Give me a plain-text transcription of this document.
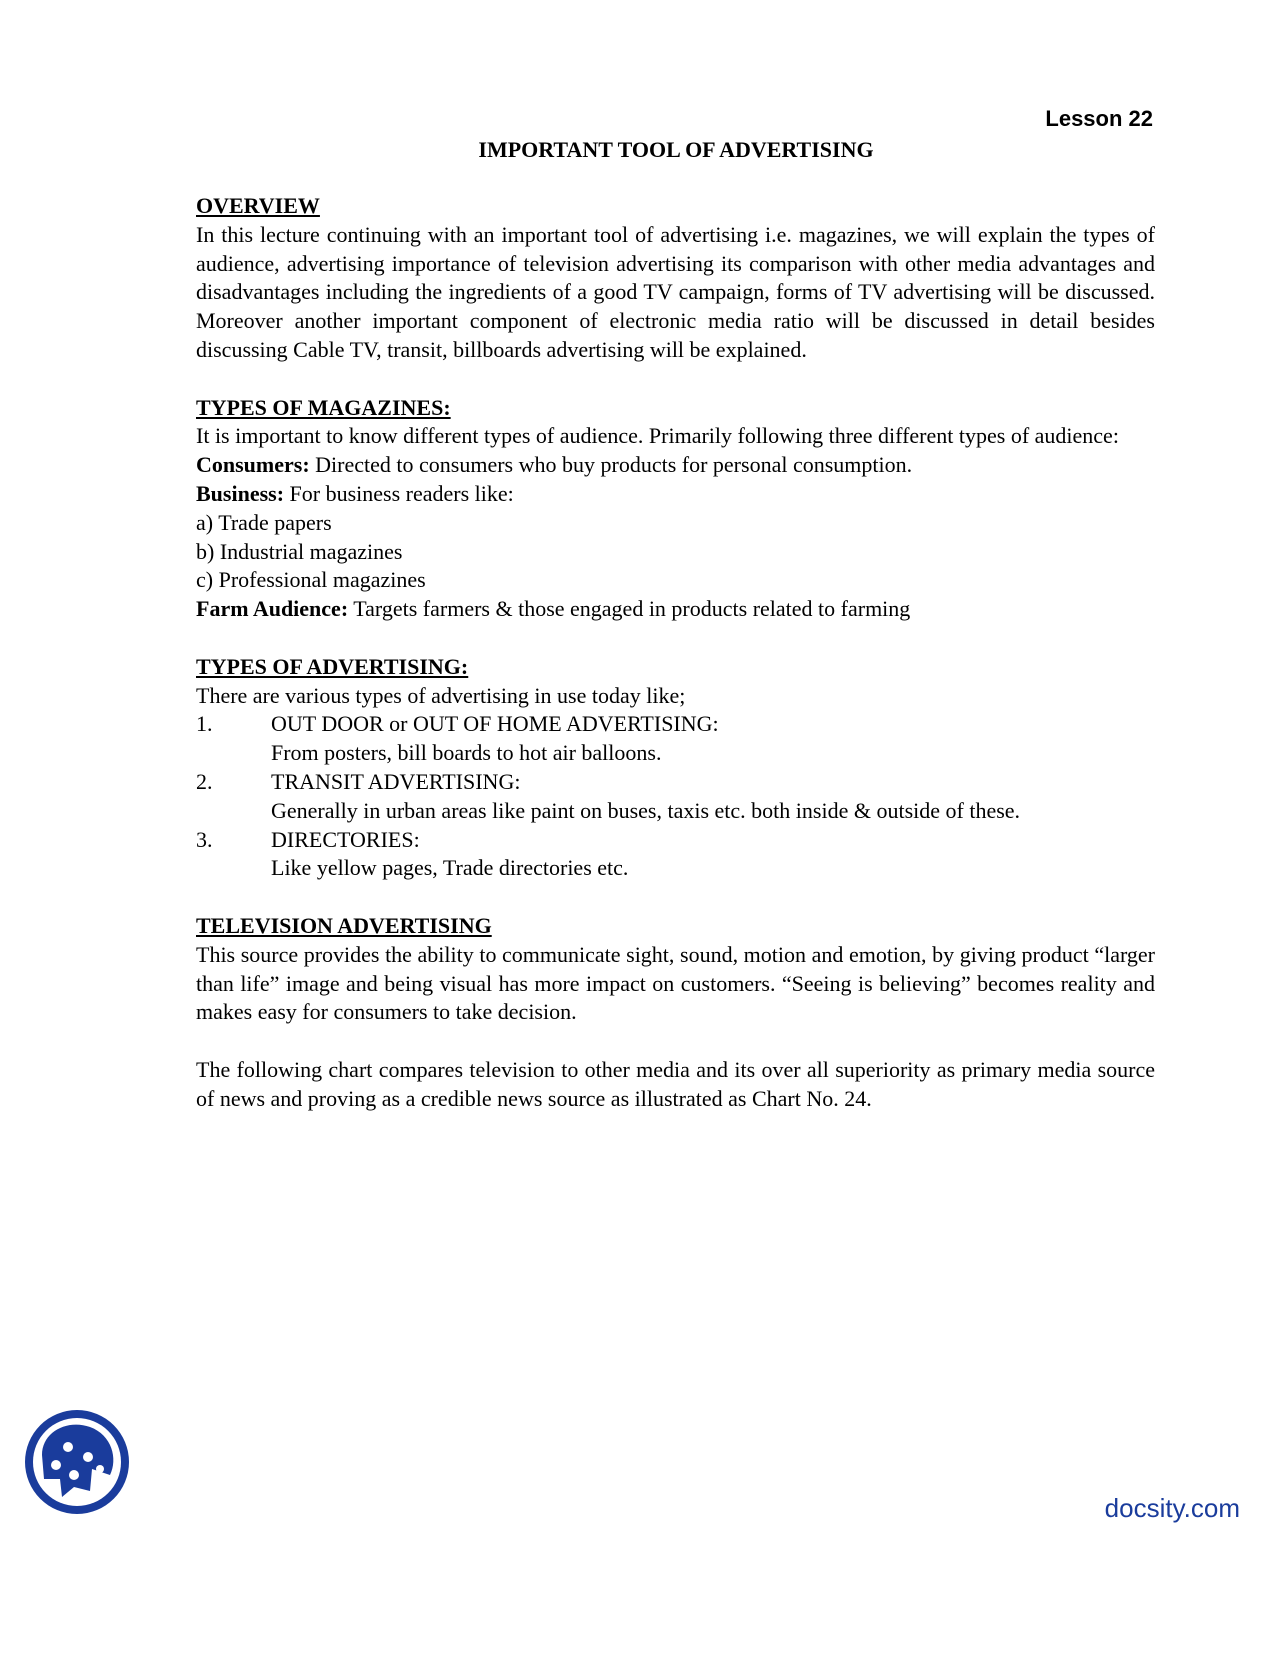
Lesson 22
IMPORTANT TOOL OF ADVERTISING
OVERVIEW

In this lecture continuing with an important tool of advertising i.e. magazines, we will explain the types of audience, advertising importance of television advertising its comparison with other media advantages and disadvantages including the ingredients of a good TV campaign, forms of TV advertising will be discussed. Moreover another important component of electronic media ratio will be discussed in detail besides discussing Cable TV, transit, billboards advertising will be explained.

TYPES OF MAGAZINES:

It is important to know different types of audience. Primarily following three different types of audience:

Consumers: Directed to consumers who buy products for personal consumption.
Business: For business readers like:
a) Trade papers
b) Industrial magazines
c) Professional magazines
Farm Audience: Targets farmers & those engaged in products related to farming
TYPES OF ADVERTISING:
There are various types of advertising in use today like;
1.	OUT DOOR or OUT OF HOME ADVERTISING:
From posters, bill boards to hot air balloons.
2.	TRANSIT ADVERTISING:
Generally in urban areas like paint on buses, taxis etc. both inside & outside of these.
3.	DIRECTORIES:
Like yellow pages, Trade directories etc.
TELEVISION ADVERTISING

This source provides the ability to communicate sight, sound, motion and emotion, by giving product “larger than life” image and being visual has more impact on customers. “Seeing is believing” becomes reality and makes easy for consumers to take decision.

The following chart compares television to other media and its over all superiority as primary media source of news and proving as a credible news source as illustrated as Chart No. 24.

docsity.com
